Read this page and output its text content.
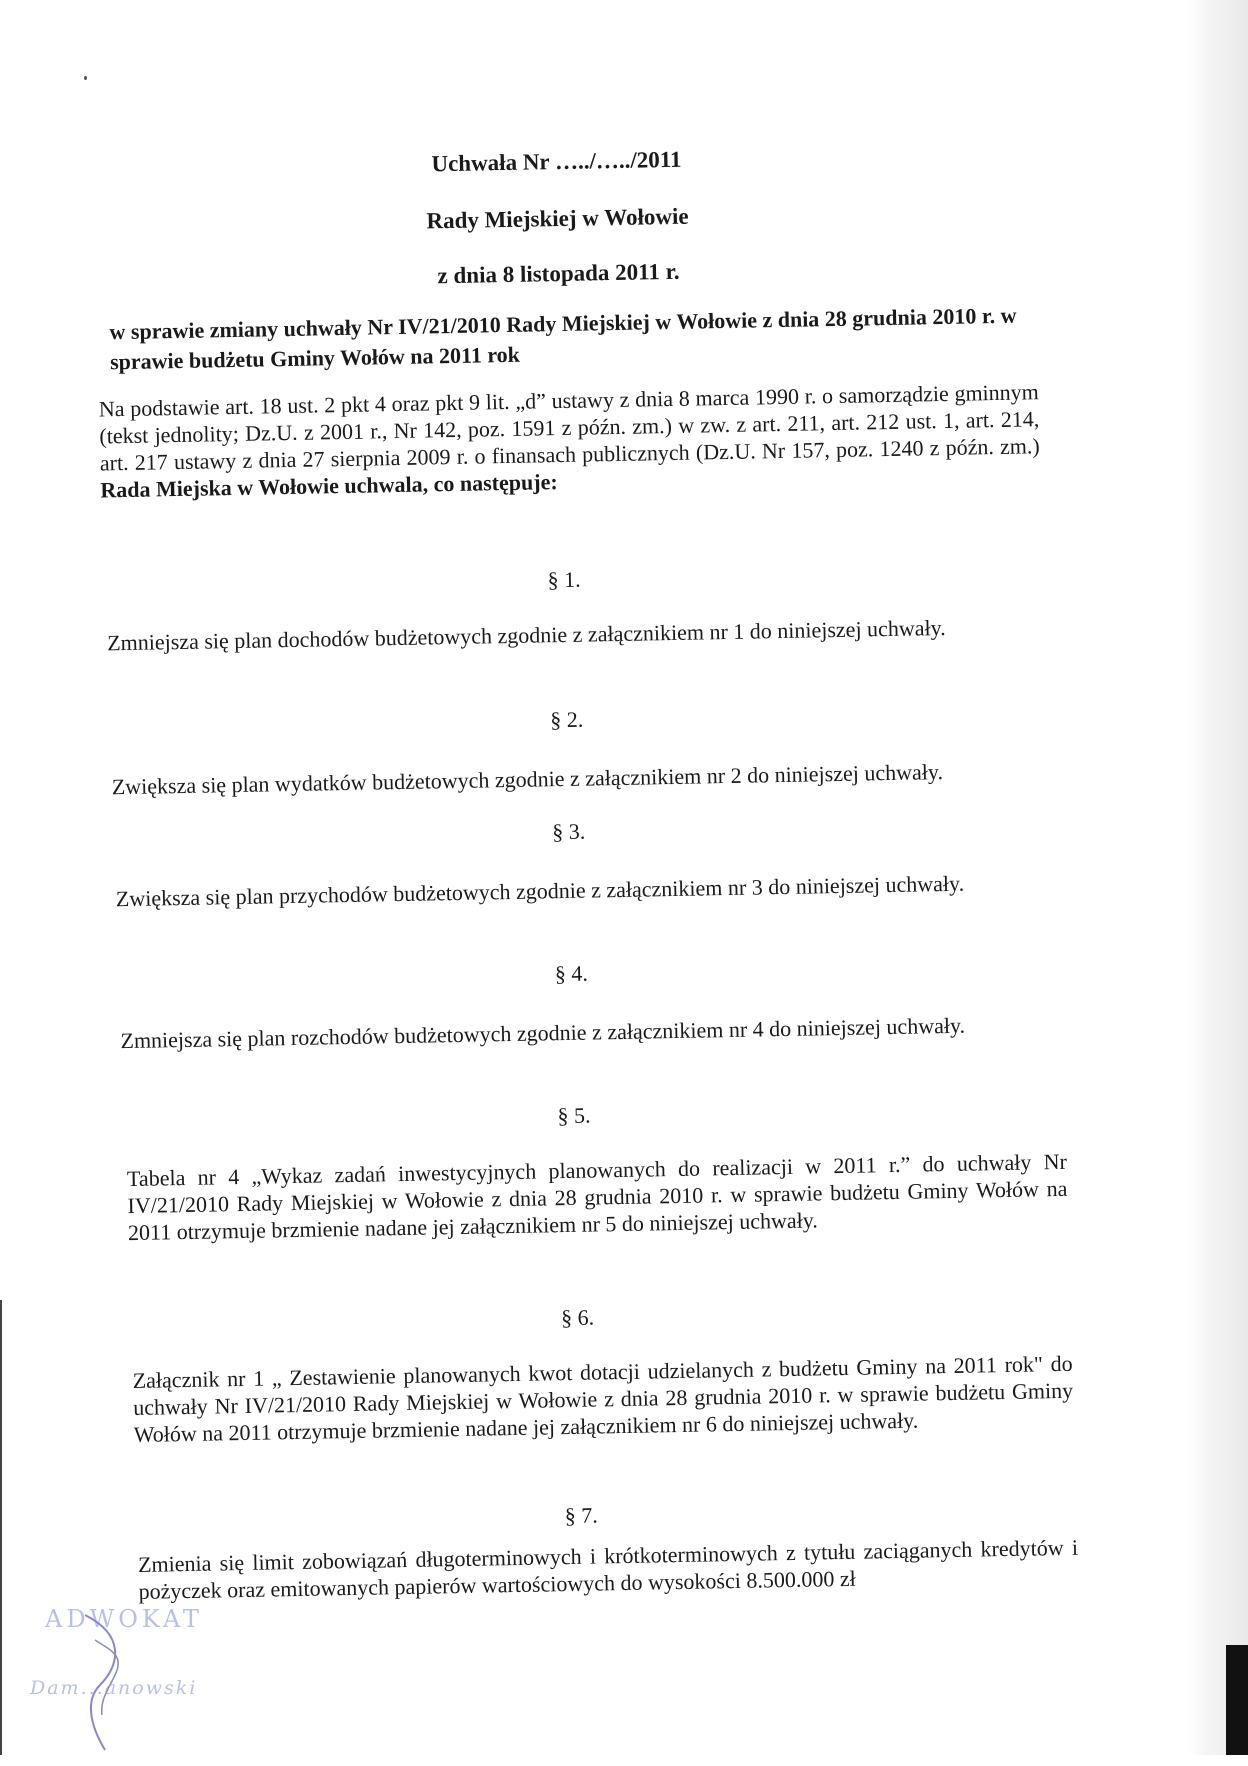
Uchwała Nr …../…../2011
Rady Miejskiej w Wołowie
z dnia 8 listopada 2011 r.
w sprawie zmiany uchwały Nr IV/21/2010 Rady Miejskiej w Wołowie z dnia 28 grudnia 2010 r. w sprawie budżetu Gminy Wołów na 2011 rok
Na podstawie art. 18 ust. 2 pkt 4 oraz pkt 9 lit. „d” ustawy z dnia 8 marca 1990 r. o samorządzie gminnym (tekst jednolity; Dz.U. z 2001 r., Nr 142, poz. 1591 z późn. zm.) w zw. z art. 211, art. 212 ust. 1, art. 214, art. 217 ustawy z dnia 27 sierpnia 2009 r. o finansach publicznych (Dz.U. Nr 157, poz. 1240 z późn. zm.) Rada Miejska w Wołowie uchwala, co następuje:
§ 1.
Zmniejsza się plan dochodów budżetowych zgodnie z załącznikiem nr 1 do niniejszej uchwały.
§ 2.
Zwiększa się plan wydatków budżetowych zgodnie z załącznikiem nr 2 do niniejszej uchwały.
§ 3.
Zwiększa się plan przychodów budżetowych zgodnie z załącznikiem nr 3 do niniejszej uchwały.
§ 4.
Zmniejsza się plan rozchodów budżetowych zgodnie z załącznikiem nr 4 do niniejszej uchwały.
§ 5.
Tabela nr 4 „Wykaz zadań inwestycyjnych planowanych do realizacji w 2011 r.” do uchwały Nr IV/21/2010 Rady Miejskiej w Wołowie z dnia 28 grudnia 2010 r. w sprawie budżetu Gminy Wołów na 2011 otrzymuje brzmienie nadane jej załącznikiem nr 5 do niniejszej uchwały.
§ 6.
Załącznik nr 1 „ Zestawienie planowanych kwot dotacji udzielanych z budżetu Gminy na 2011 rok" do uchwały Nr IV/21/2010 Rady Miejskiej w Wołowie z dnia 28 grudnia 2010 r. w sprawie budżetu Gminy Wołów na 2011 otrzymuje brzmienie nadane jej załącznikiem nr 6 do niniejszej uchwały.
§ 7.
Zmienia się limit zobowiązań długoterminowych i krótkoterminowych z tytułu zaciąganych kredytów i pożyczek oraz emitowanych papierów wartościowych do wysokości 8.500.000 zł
ADWOKAT
Dam...anowski
